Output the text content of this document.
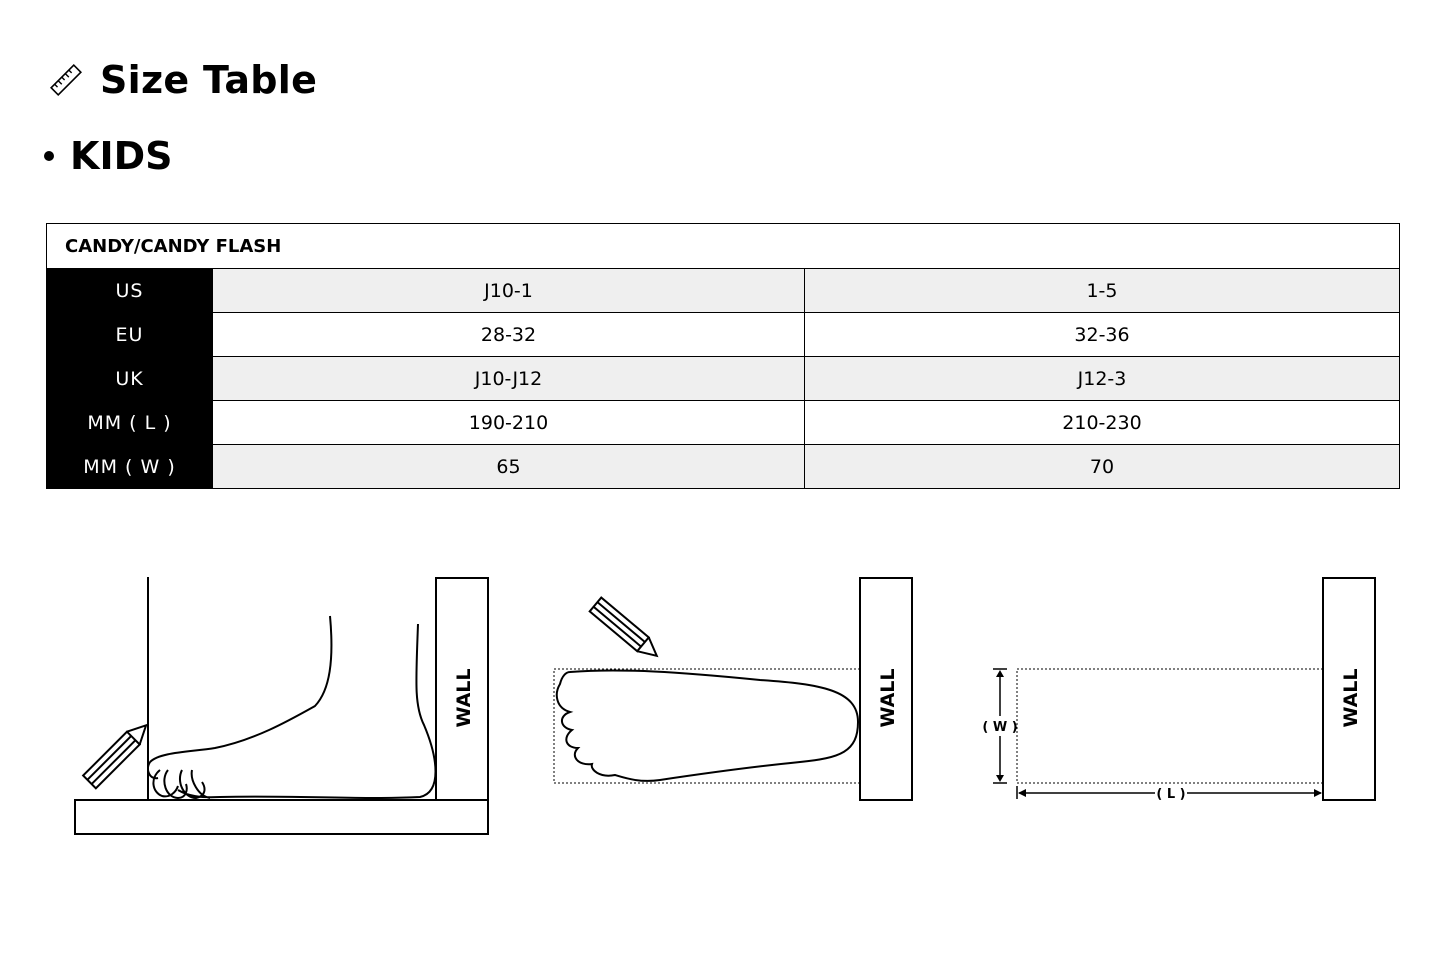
Size Table
KIDS
CANDY/CANDY FLASH		
US	J10-1	1-5
EU	28-32	32-36
UK	J10-J12	J12-3
MM ( L )	190-210	210-230
MM ( W )	65	70
WALL	WALL	( W )
( L )
WALL
